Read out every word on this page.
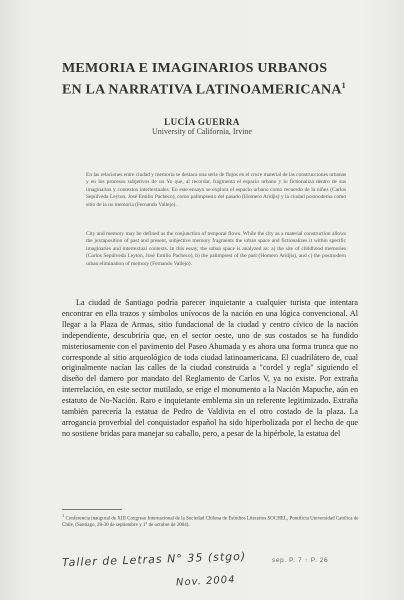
MEMORIA E IMAGINARIOS URBANOS
EN LA NARRATIVA LATINOAMERICANA$^1$
LUCÍA GUERRA
University of California, Irvine
En las relaciones entre ciudad y memoria se destaca una serie de flujos en el cruce material de las construcciones urbanas y en los procesos subjetivos de un Yo que, al recordar, fragmenta el espacio urbano y lo fictionaliza dentro de sus imaginarios y contextos intertextuales. En este ensayo se explora el espacio urbano como recuerdo de la niñez (Carlos Sepúlveda Leyton, José Emilio Pacheco), como palimpsesto del pasado (Homero Aridjis) y la ciudad posmoderna como sitio de la no memoria (Fernando Vallejo).
City and memory may be defined as the conjunction of temporal flows. While the city as a material construction allows the juxtaposition of past and present, subjective memory fragments the urban space and fictionalizes it within specific imaginaries and intertextual contexts. In this essay, the urban space is analyzed as: a) the site of childhood memories (Carlos Sepúlveda Leyton, José Emilio Pacheco), b) the palimpsest of the past (Homero Aridjis), and c) the posmodern urban elimination of memory (Fernando Vallejo).
La ciudad de Santiago podría parecer inquietante a cualquier turista que intentara encontrar en ella trazos y símbolos unívocos de la nación en una lógica convencional. Al llegar a la Plaza de Armas, sitio fundacional de la ciudad y centro cívico de la nación independiente, descubriría que, en el sector oeste, uno de sus costados se ha fundido misteriosamente con el pavimento del Paseo Ahumada y es ahora una forma trunca que no corresponde al sitio arqueológico de toda ciudad latinoamericana. El cuadrilátero de, cual originalmente nacían las calles de la ciudad construida a "cordel y regla" siguiendo el diseño del damero por mandato del Reglamento de Carlos V, ya no existe. Por extraña interrelación, en este sector mutilado, se erige el monumento a la Nación Mapuche, aún en estatuto de No-Nación. Raro e inquietante emblema sin un referente legitimizado. Extraña también parecería la estatua de Pedro de Valdivia en el otro costado de la plaza. La arrogancia proverbial del conquistador español ha sido hiperbolizada por el hecho de que no sostiene bridas para manejar su caballo, pero, a pesar de la hipérbole, la estatua del
1 Conferencia inaugural de XIII Congreso Internacional de la Sociedad Chilena de Estudios Literarios SOCHEL, Pontificia Universidad Católica de Chile, (Santiago, 28-30 de septiembre y 1° de octubre de 2004).
Taller de Letras N° 35 (stgo)
Nov. 2004
sep. P. 7 ↑ P. 26
